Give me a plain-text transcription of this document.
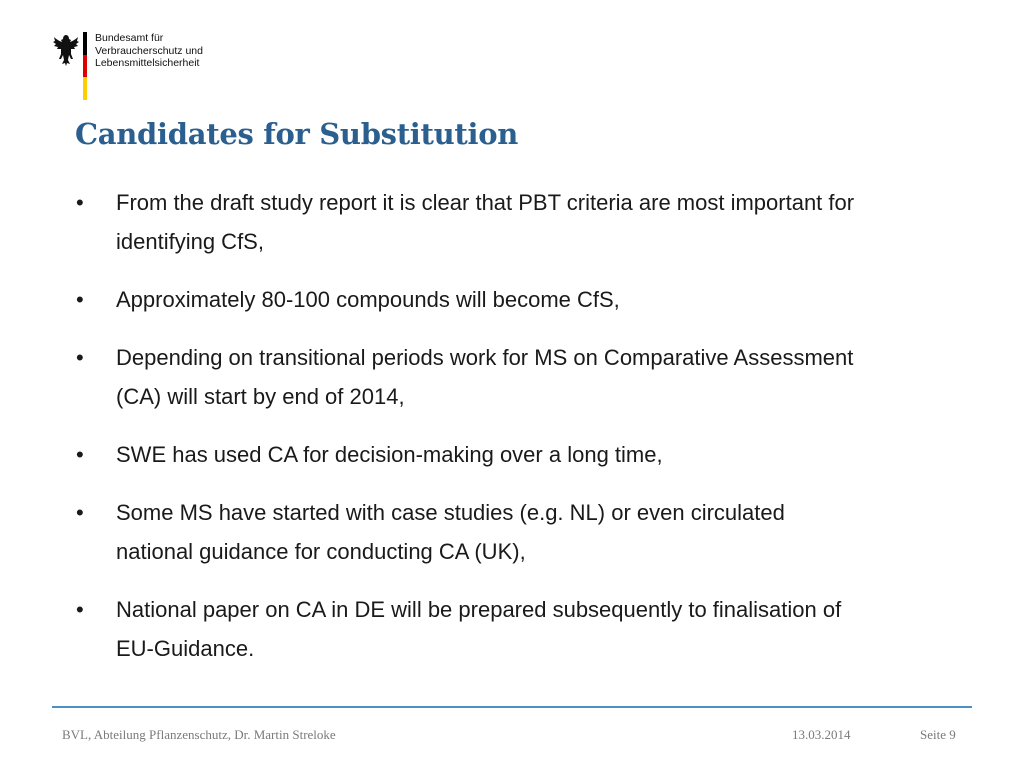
Bundesamt für
Verbraucherschutz und
Lebensmittelsicherheit
Candidates for Substitution
• From the draft study report it is clear that PBT criteria are most important for identifying CfS,
• Approximately 80-100 compounds will become CfS,
• Depending on transitional periods work for MS on Comparative Assessment (CA) will start by end of 2014,
• SWE has used CA for decision-making over a long time,
• Some MS have started with case studies (e.g. NL) or even circulated national guidance for conducting CA (UK),
• National paper on CA in DE will be prepared subsequently to finalisation of EU-Guidance.
BVL, Abteilung Pflanzenschutz, Dr. Martin Streloke	13.03.2014	Seite 9
